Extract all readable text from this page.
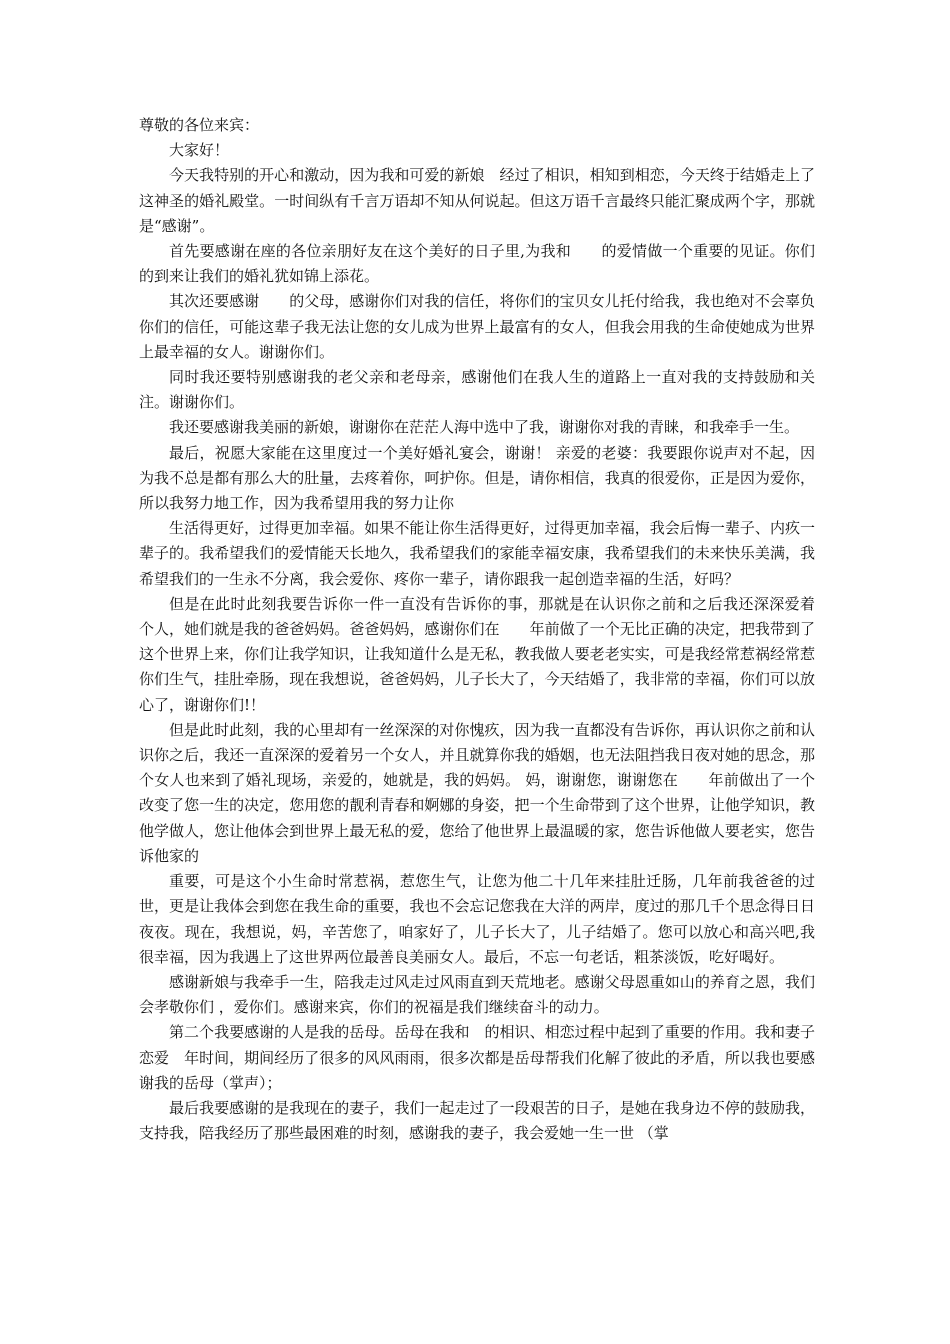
尊敬的各位来宾：

大家好！

今天我特别的开心和激动，因为我和可爱的新娘　经过了相识，相知到相恋，今天终于结婚走上了这神圣的婚礼殿堂。一时间纵有千言万语却不知从何说起。但这万语千言最终只能汇聚成两个字，那就是“感谢”。

首先要感谢在座的各位亲朋好友在这个美好的日子里,为我和　　的爱情做一个重要的见证。你们的到来让我们的婚礼犹如锦上添花。

其次还要感谢　　的父母，感谢你们对我的信任，将你们的宝贝女儿托付给我，我也绝对不会辜负你们的信任，可能这辈子我无法让您的女儿成为世界上最富有的女人，但我会用我的生命使她成为世界上最幸福的女人。谢谢你们。

同时我还要特别感谢我的老父亲和老母亲，感谢他们在我人生的道路上一直对我的支持鼓励和关注。谢谢你们。

我还要感谢我美丽的新娘，谢谢你在茫茫人海中选中了我，谢谢你对我的青睐，和我牵手一生。

最后，祝愿大家能在这里度过一个美好婚礼宴会，谢谢！ 亲爱的老婆：我要跟你说声对不起，因为我不总是都有那么大的肚量，去疼着你，呵护你。但是，请你相信，我真的很爱你，正是因为爱你，所以我努力地工作，因为我希望用我的努力让你

生活得更好，过得更加幸福。如果不能让你生活得更好，过得更加幸福，我会后悔一辈子、内疚一辈子的。我希望我们的爱情能天长地久，我希望我们的家能幸福安康，我希望我们的未来快乐美满，我希望我们的一生永不分离，我会爱你、疼你一辈子，请你跟我一起创造幸福的生活，好吗？

但是在此时此刻我要告诉你一件一直没有告诉你的事，那就是在认识你之前和之后我还深深爱着　个人，她们就是我的爸爸妈妈。爸爸妈妈，感谢你们在　　年前做了一个无比正确的决定，把我带到了这个世界上来，你们让我学知识，让我知道什么是无私，教我做人要老老实实，可是我经常惹祸经常惹你们生气，挂肚牵肠，现在我想说，爸爸妈妈，儿子长大了，今天结婚了，我非常的幸福，你们可以放心了，谢谢你们!！

但是此时此刻，我的心里却有一丝深深的对你愧疚，因为我一直都没有告诉你，再认识你之前和认识你之后，我还一直深深的爱着另一个女人，并且就算你我的婚姻，也无法阻挡我日夜对她的思念，那个女人也来到了婚礼现场，亲爱的，她就是，我的妈妈。 妈，谢谢您，谢谢您在　　年前做出了一个改变了您一生的决定，您用您的靓利青春和婀娜的身姿，把一个生命带到了这个世界，让他学知识，教他学做人，您让他体会到世界上最无私的爱，您给了他世界上最温暖的家，您告诉他做人要老实，您告诉他家的

重要，可是这个小生命时常惹祸，惹您生气，让您为他二十几年来挂肚迁肠，几年前我爸爸的过世，更是让我体会到您在我生命的重要，我也不会忘记您我在大洋的两岸，度过的那几千个思念得日日夜夜。现在，我想说，妈，辛苦您了，咱家好了，儿子长大了，儿子结婚了。您可以放心和高兴吧,我很幸福，因为我遇上了这世界两位最善良美丽女人。最后，不忘一句老话，粗茶淡饭，吃好喝好。

感谢新娘与我牵手一生，陪我走过风走过风雨直到天荒地老。感谢父母恩重如山的养育之恩，我们会孝敬你们 ，爱你们。感谢来宾，你们的祝福是我们继续奋斗的动力。

第二个我要感谢的人是我的岳母。岳母在我和　的相识、相恋过程中起到了重要的作用。我和妻子恋爱　年时间，期间经历了很多的风风雨雨，很多次都是岳母帮我们化解了彼此的矛盾，所以我也要感谢我的岳母（掌声）；

最后我要感谢的是我现在的妻子，我们一起走过了一段艰苦的日子，是她在我身边不停的鼓励我，支持我，陪我经历了那些最困难的时刻，感谢我的妻子，我会爱她一生一世 （掌
